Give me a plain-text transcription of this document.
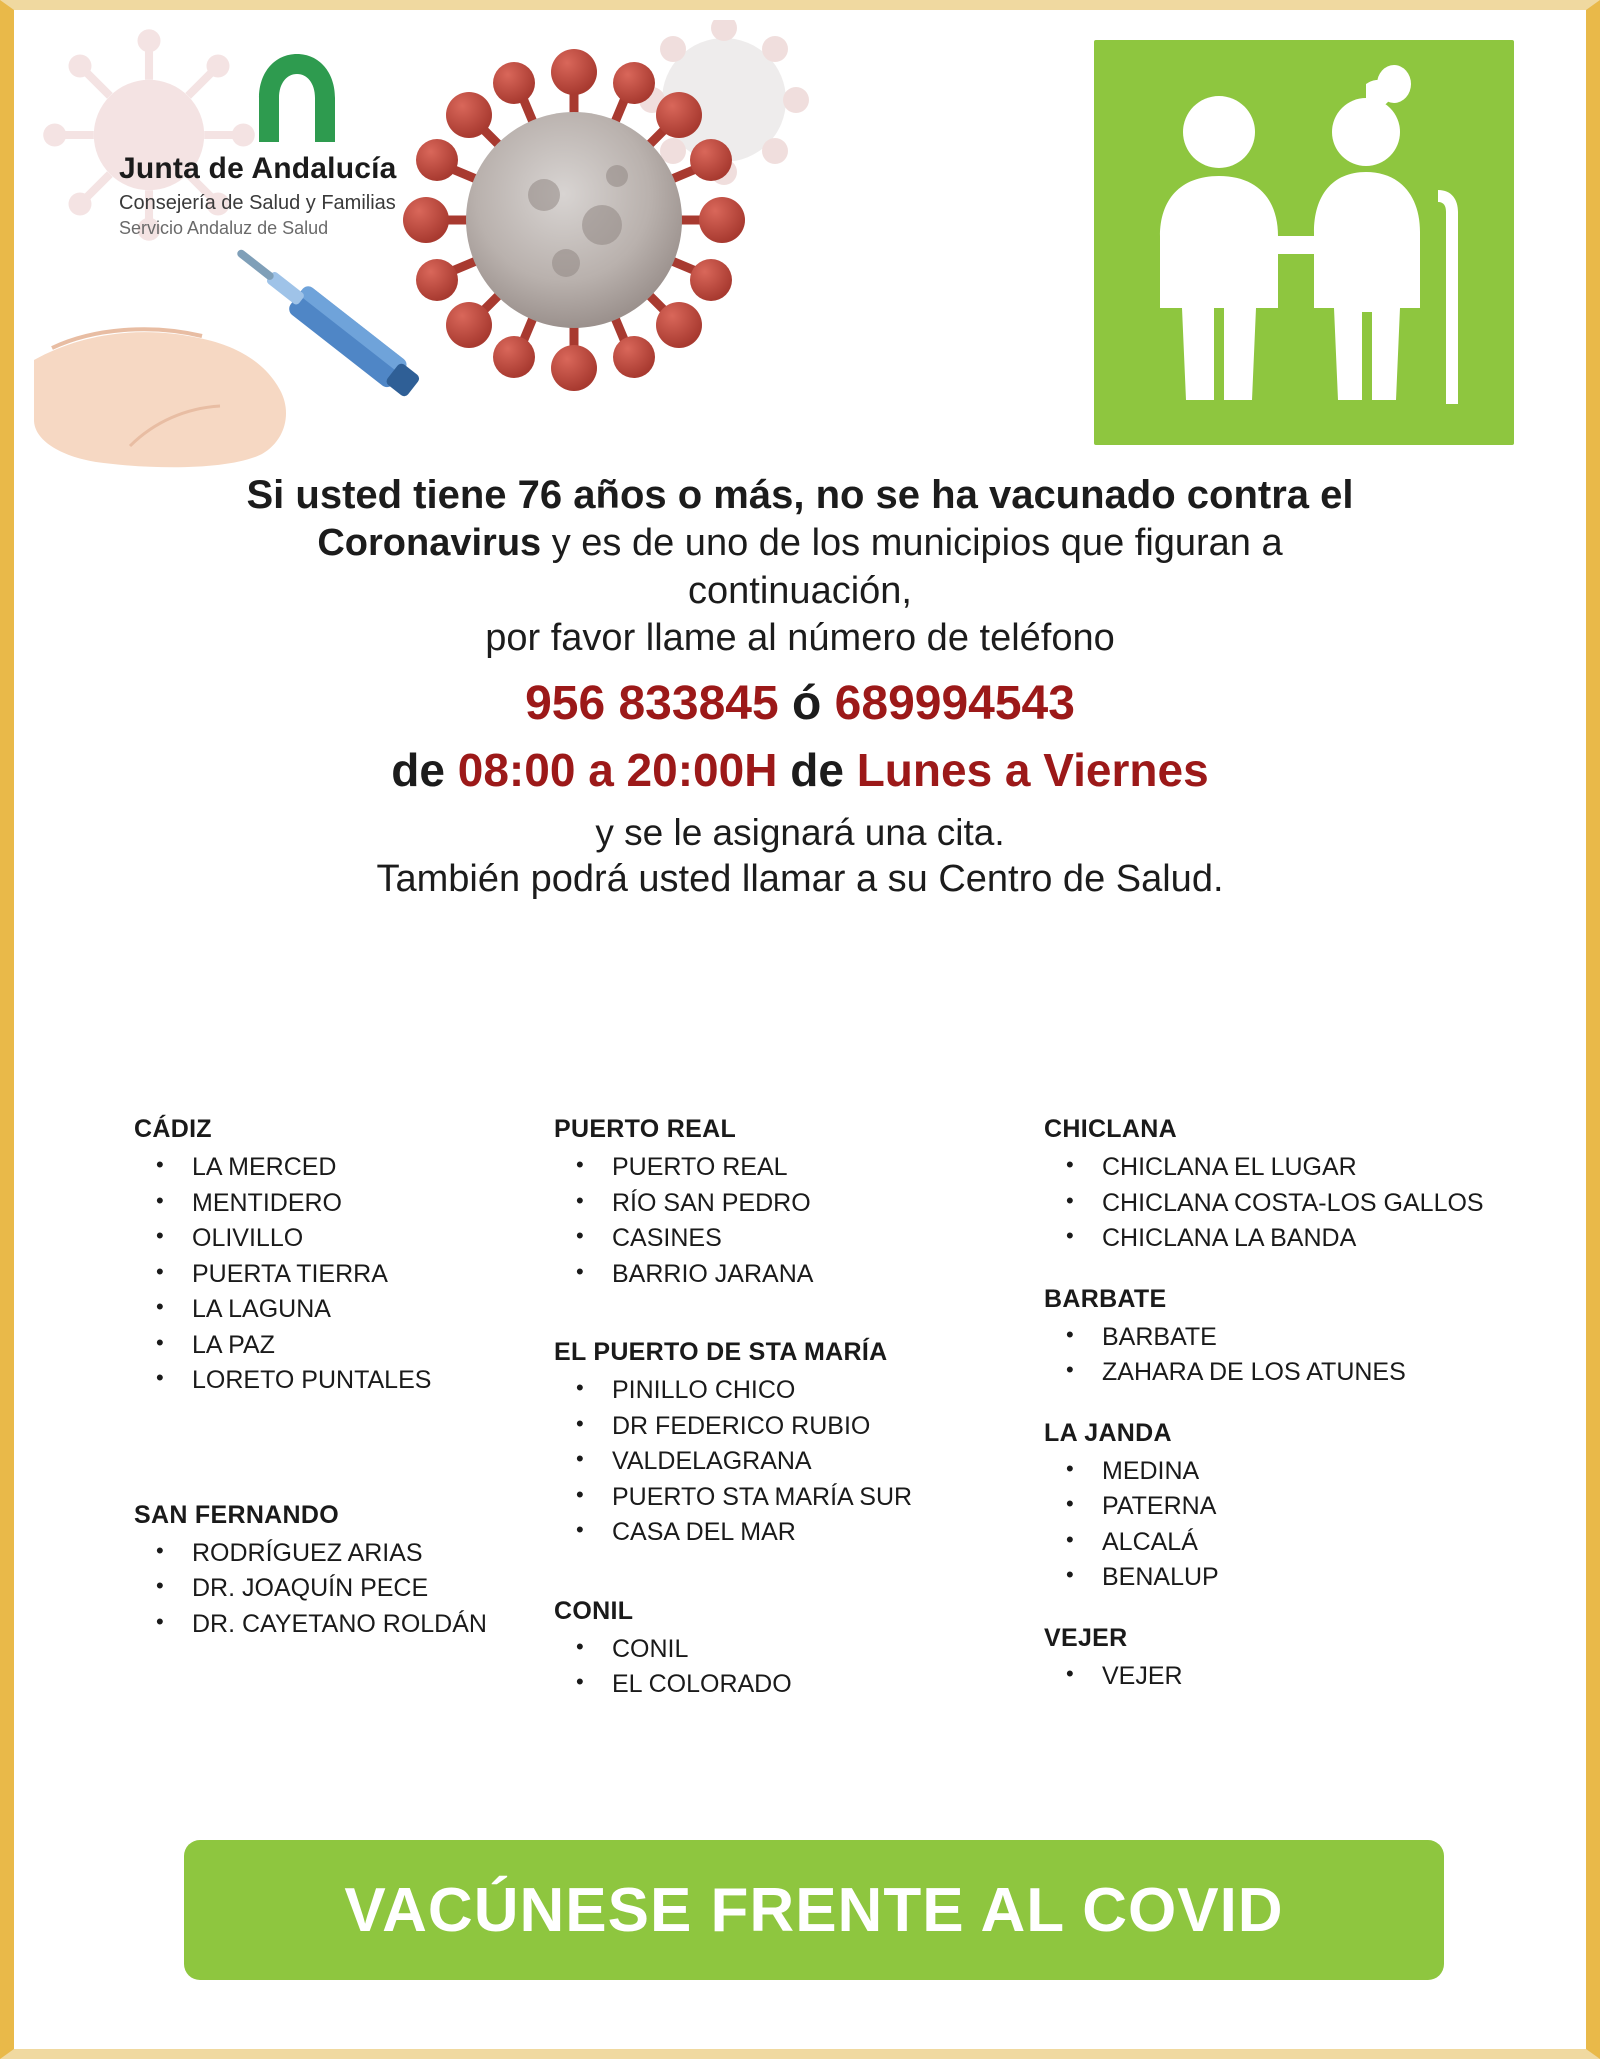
Junta de Andalucía
Consejería de Salud y Familias
Servicio Andaluz de Salud
Si usted tiene 76 años o más, no se ha vacunado contra el
Coronavirus y es de uno de los municipios que figuran a
continuación,
por favor llame al número de teléfono
956 833845 ó 689994543
de 08:00 a 20:00H de Lunes a Viernes
y se le asignará una cita.
También podrá usted llamar a su Centro de Salud.
CÁDIZ
• LA MERCED
• MENTIDERO
• OLIVILLO
• PUERTA TIERRA
• LA LAGUNA
• LA PAZ
• LORETO PUNTALES
SAN FERNANDO
• RODRÍGUEZ ARIAS
• DR. JOAQUÍN PECE
• DR. CAYETANO ROLDÁN
PUERTO REAL
• PUERTO REAL
• RÍO SAN PEDRO
• CASINES
• BARRIO JARANA
EL PUERTO DE STA MARÍA
• PINILLO CHICO
• DR FEDERICO RUBIO
• VALDELAGRANA
• PUERTO STA MARÍA SUR
• CASA DEL MAR
CONIL
• CONIL
• EL COLORADO
CHICLANA
• CHICLANA EL LUGAR
• CHICLANA COSTA-LOS GALLOS
• CHICLANA LA BANDA
BARBATE
• BARBATE
• ZAHARA DE LOS ATUNES
LA JANDA
• MEDINA
• PATERNA
• ALCALÁ
• BENALUP
VEJER
• VEJER
VACÚNESE FRENTE AL COVID
